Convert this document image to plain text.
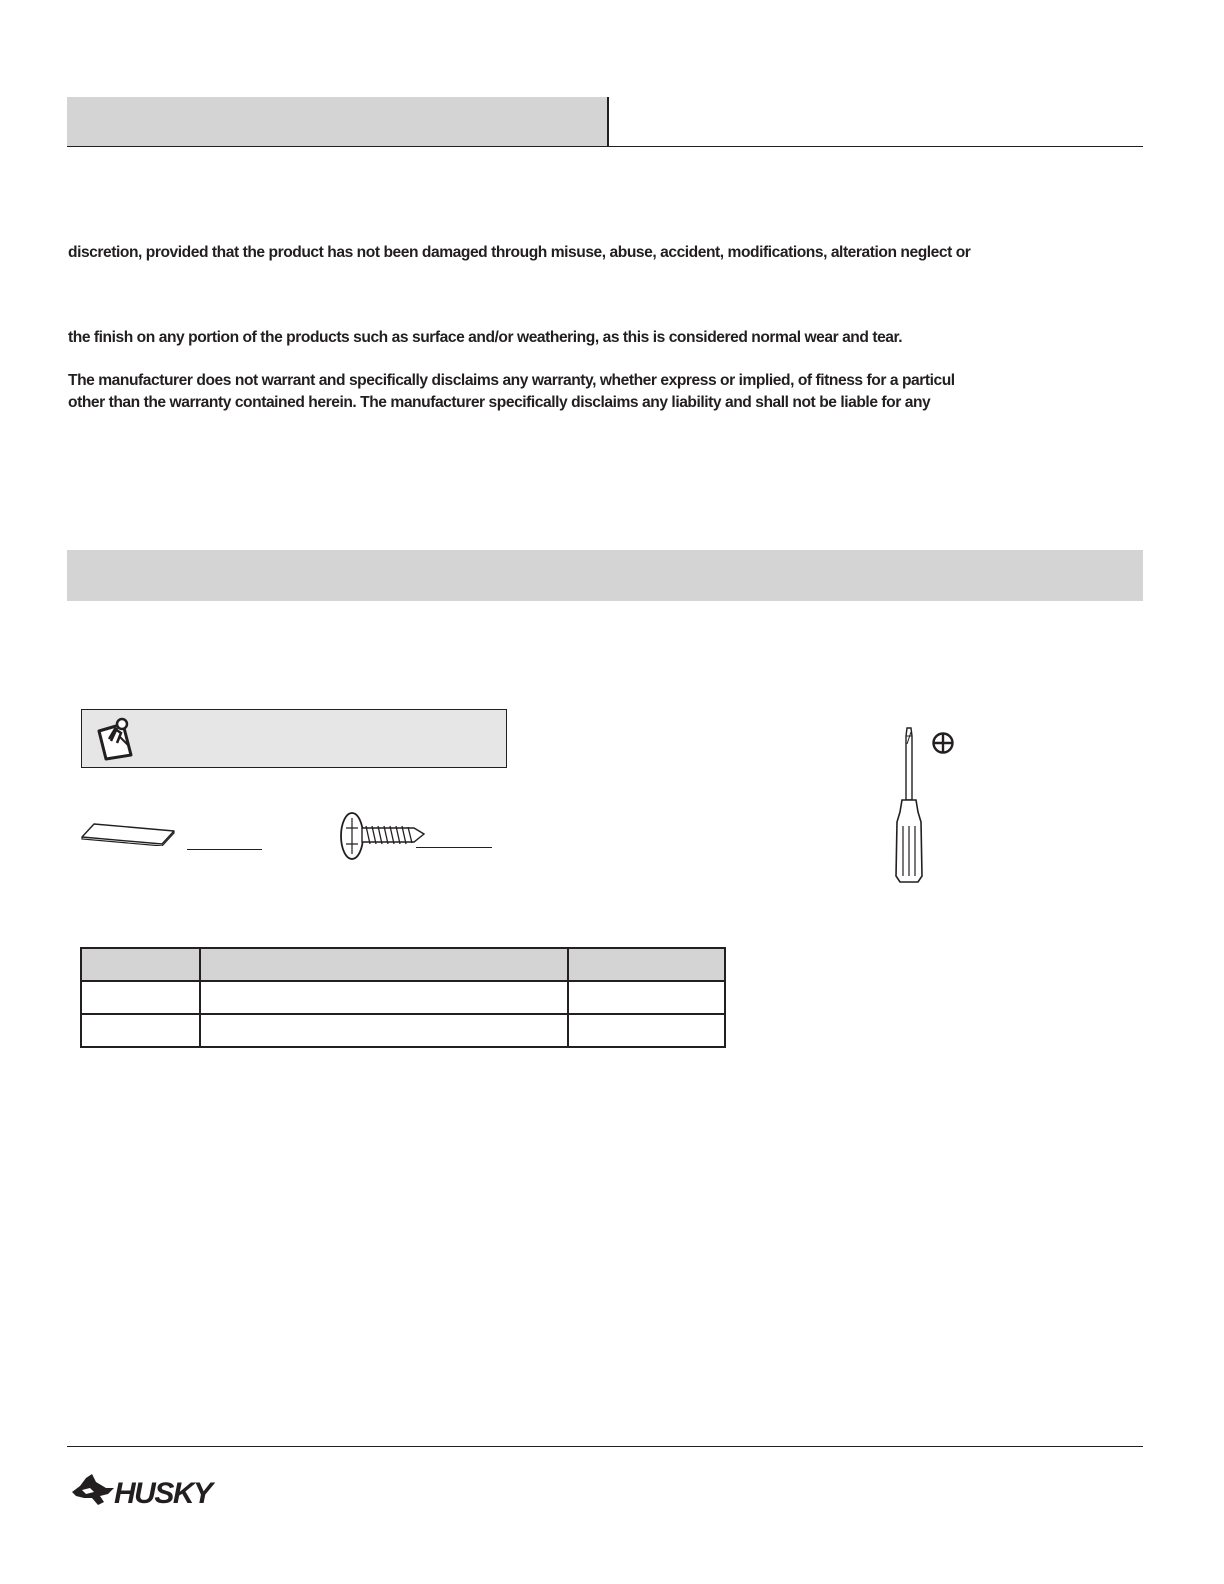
discretion, provided that the product has not been damaged through misuse, abuse, accident, modifications, alteration neglect or

the finish on any portion of the products such as surface and/or weathering, as this is considered normal wear and tear.

The manufacturer does not warrant and specifically disclaims any warranty, whether express or implied, of fitness for a particul

other than the warranty contained herein. The manufacturer specifically disclaims any liability and shall not be liable for any

HUSKY
